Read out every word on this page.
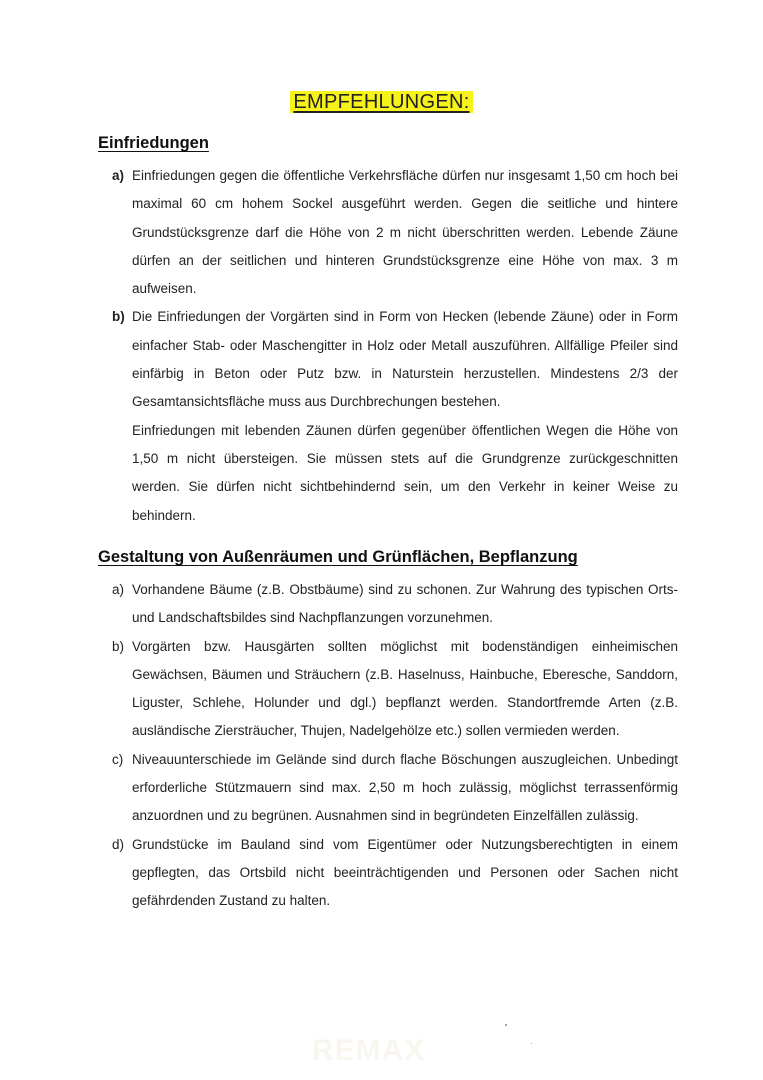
EMPFEHLUNGEN:
Einfriedungen
a) Einfriedungen gegen die öffentliche Verkehrsfläche dürfen nur insgesamt 1,50 cm hoch bei maximal 60 cm hohem Sockel ausgeführt werden. Gegen die seitliche und hintere Grundstücksgrenze darf die Höhe von 2 m nicht überschritten werden. Lebende Zäune dürfen an der seitlichen und hinteren Grundstücksgrenze eine Höhe von max. 3 m aufweisen.
b) Die Einfriedungen der Vorgärten sind in Form von Hecken (lebende Zäune) oder in Form einfacher Stab- oder Maschengitter in Holz oder Metall auszuführen. Allfällige Pfeiler sind einfärbig in Beton oder Putz bzw. in Naturstein herzustellen. Mindestens 2/3 der Gesamtansichtsfläche muss aus Durchbrechungen bestehen.
Einfriedungen mit lebenden Zäunen dürfen gegenüber öffentlichen Wegen die Höhe von 1,50 m nicht übersteigen. Sie müssen stets auf die Grundgrenze zurückgeschnitten werden. Sie dürfen nicht sichtbehindernd sein, um den Verkehr in keiner Weise zu behindern.
Gestaltung von Außenräumen und Grünflächen, Bepflanzung
a) Vorhandene Bäume (z.B. Obstbäume) sind zu schonen. Zur Wahrung des typischen Orts- und Landschaftsbildes sind Nachpflanzungen vorzunehmen.
b) Vorgärten bzw. Hausgärten sollten möglichst mit bodenständigen einheimischen Gewächsen, Bäumen und Sträuchern (z.B. Haselnuss, Hainbuche, Eberesche, Sanddorn, Liguster, Schlehe, Holunder und dgl.) bepflanzt werden. Standortfremde Arten (z.B. ausländische Ziersträucher, Thujen, Nadelgehölze etc.) sollen vermieden werden.
c) Niveauunterschiede im Gelände sind durch flache Böschungen auszugleichen. Unbedingt erforderliche Stützmauern sind max. 2,50 m hoch zulässig, möglichst terrassenförmig anzuordnen und zu begrünen. Ausnahmen sind in begründeten Einzelfällen zulässig.
d) Grundstücke im Bauland sind vom Eigentümer oder Nutzungsberechtigten in einem gepflegten, das Ortsbild nicht beeinträchtigenden und Personen oder Sachen nicht gefährdenden Zustand zu halten.
REMAX
